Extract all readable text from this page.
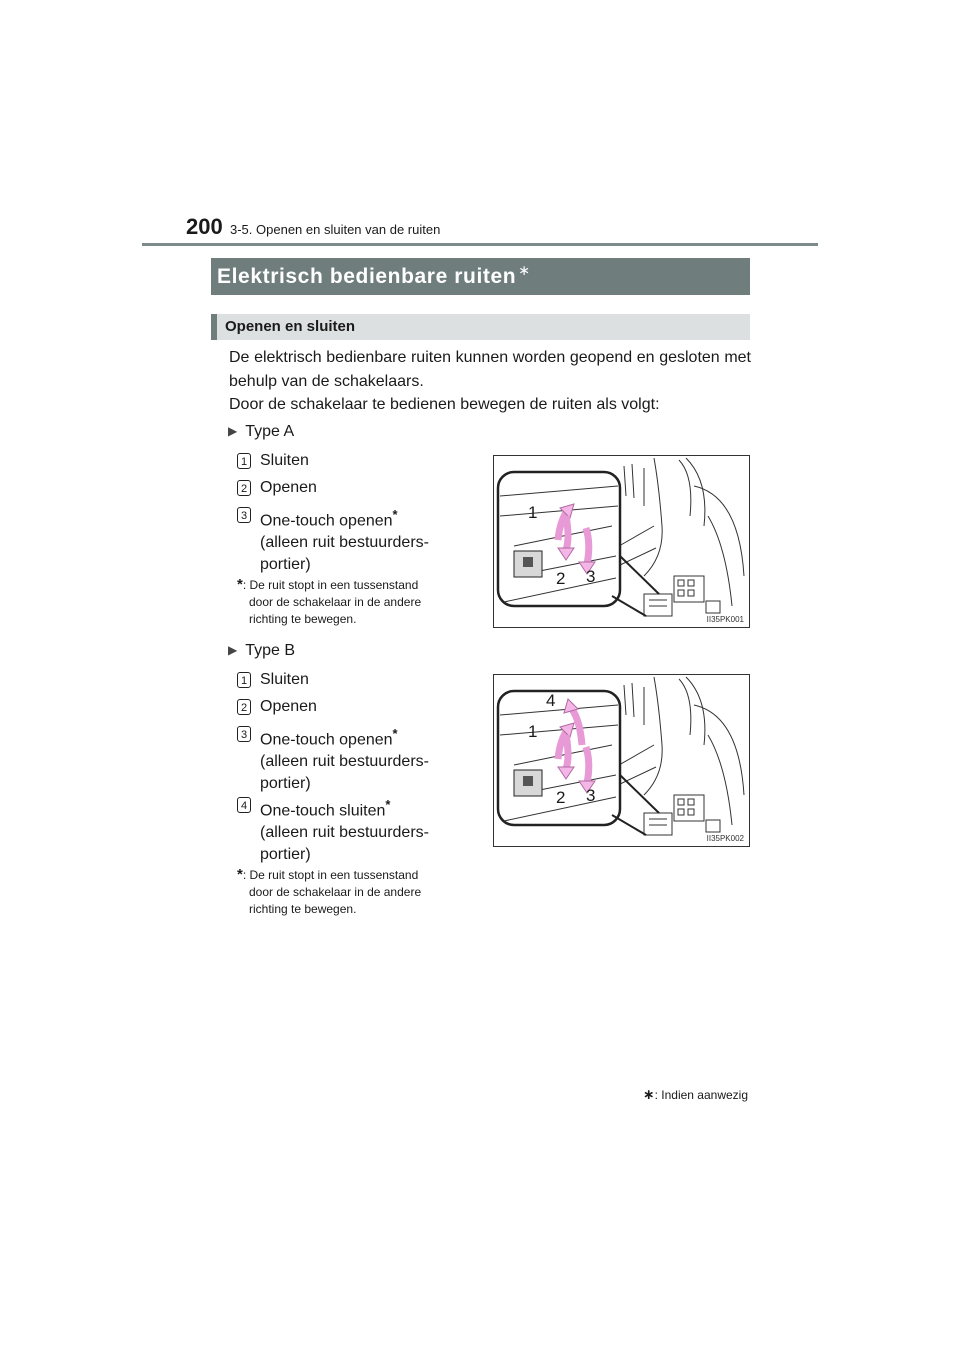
200 3-5. Openen en sluiten van de ruiten
Elektrisch bedienbare ruiten ∗
Openen en sluiten
De elektrisch bedienbare ruiten kunnen worden geopend en gesloten met behulp van de schakelaars.
Door de schakelaar te bedienen bewegen de ruiten als volgt:
▶ Type A
1 Sluiten
2 Openen
3 One-touch openen*
(alleen ruit bestuurders-
portier)
*: De ruit stopt in een tussenstand
door de schakelaar in de andere
richting te bewegen.
1
2 3
II35PK001
▶ Type B
1 Sluiten
2 Openen
3 One-touch openen*
(alleen ruit bestuurders-
portier)
4 One-touch sluiten*
(alleen ruit bestuurders-
portier)
*: De ruit stopt in een tussenstand
door de schakelaar in de andere
richting te bewegen.
4
1
2 3
II35PK002
∗: Indien aanwezig
